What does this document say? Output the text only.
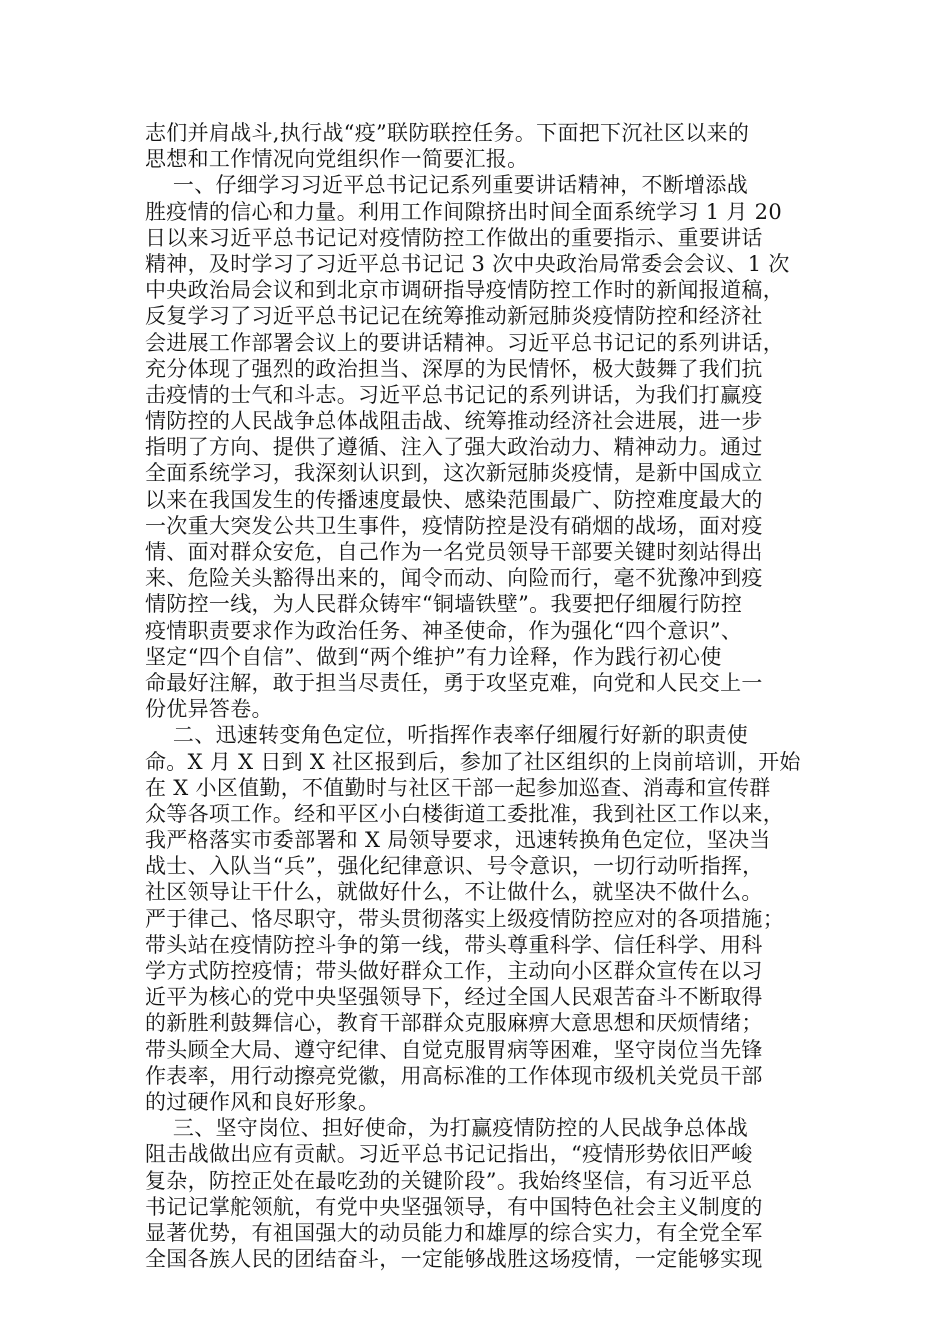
志们并肩战斗,执行战“疫”联防联控任务。下面把下沉社区以来的
思想和工作情况向党组织作一简要汇报。
一、仔细学习习近平总书记记系列重要讲话精神，不断增添战
胜疫情的信心和力量。利用工作间隙挤出时间全面系统学习 1 月 20
日以来习近平总书记记对疫情防控工作做出的重要指示、重要讲话
精神，及时学习了习近平总书记记 3 次中央政治局常委会会议、1 次
中央政治局会议和到北京市调研指导疫情防控工作时的新闻报道稿，
反复学习了习近平总书记记在统筹推动新冠肺炎疫情防控和经济社
会进展工作部署会议上的要讲话精神。习近平总书记记的系列讲话，
充分体现了强烈的政治担当、深厚的为民情怀，极大鼓舞了我们抗
击疫情的士气和斗志。习近平总书记记的系列讲话，为我们打赢疫
情防控的人民战争总体战阻击战、统筹推动经济社会进展，进一步
指明了方向、提供了遵循、注入了强大政治动力、精神动力。通过
全面系统学习，我深刻认识到，这次新冠肺炎疫情，是新中国成立
以来在我国发生的传播速度最快、感染范围最广、防控难度最大的
一次重大突发公共卫生事件，疫情防控是没有硝烟的战场，面对疫
情、面对群众安危，自己作为一名党员领导干部要关键时刻站得出
来、危险关头豁得出来的，闻令而动、向险而行，毫不犹豫冲到疫
情防控一线，为人民群众铸牢“铜墙铁壁”。我要把仔细履行防控
疫情职责要求作为政治任务、神圣使命，作为强化“四个意识”、
坚定“四个自信”、做到“两个维护”有力诠释，作为践行初心使
命最好注解，敢于担当尽责任，勇于攻坚克难，向党和人民交上一
份优异答卷。
二、迅速转变角色定位，听指挥作表率仔细履行好新的职责使
命。X 月 X 日到 X 社区报到后，参加了社区组织的上岗前培训，开始
在 X 小区值勤，不值勤时与社区干部一起参加巡查、消毒和宣传群
众等各项工作。经和平区小白楼街道工委批准，我到社区工作以来，
我严格落实市委部署和 X 局领导要求，迅速转换角色定位，坚决当
战士、入队当“兵”，强化纪律意识、号令意识，一切行动听指挥，
社区领导让干什么，就做好什么，不让做什么，就坚决不做什么。
严于律己、恪尽职守，带头贯彻落实上级疫情防控应对的各项措施；
带头站在疫情防控斗争的第一线，带头尊重科学、信任科学、用科
学方式防控疫情；带头做好群众工作，主动向小区群众宣传在以习
近平为核心的党中央坚强领导下，经过全国人民艰苦奋斗不断取得
的新胜利鼓舞信心，教育干部群众克服麻痹大意思想和厌烦情绪；
带头顾全大局、遵守纪律、自觉克服胃病等困难，坚守岗位当先锋
作表率，用行动擦亮党徽，用高标准的工作体现市级机关党员干部
的过硬作风和良好形象。
三、坚守岗位、担好使命，为打赢疫情防控的人民战争总体战
阻击战做出应有贡献。习近平总书记记指出，“疫情形势依旧严峻
复杂，防控正处在最吃劲的关键阶段”。我始终坚信，有习近平总
书记记掌舵领航，有党中央坚强领导，有中国特色社会主义制度的
显著优势，有祖国强大的动员能力和雄厚的综合实力，有全党全军
全国各族人民的团结奋斗，一定能够战胜这场疫情，一定能够实现
